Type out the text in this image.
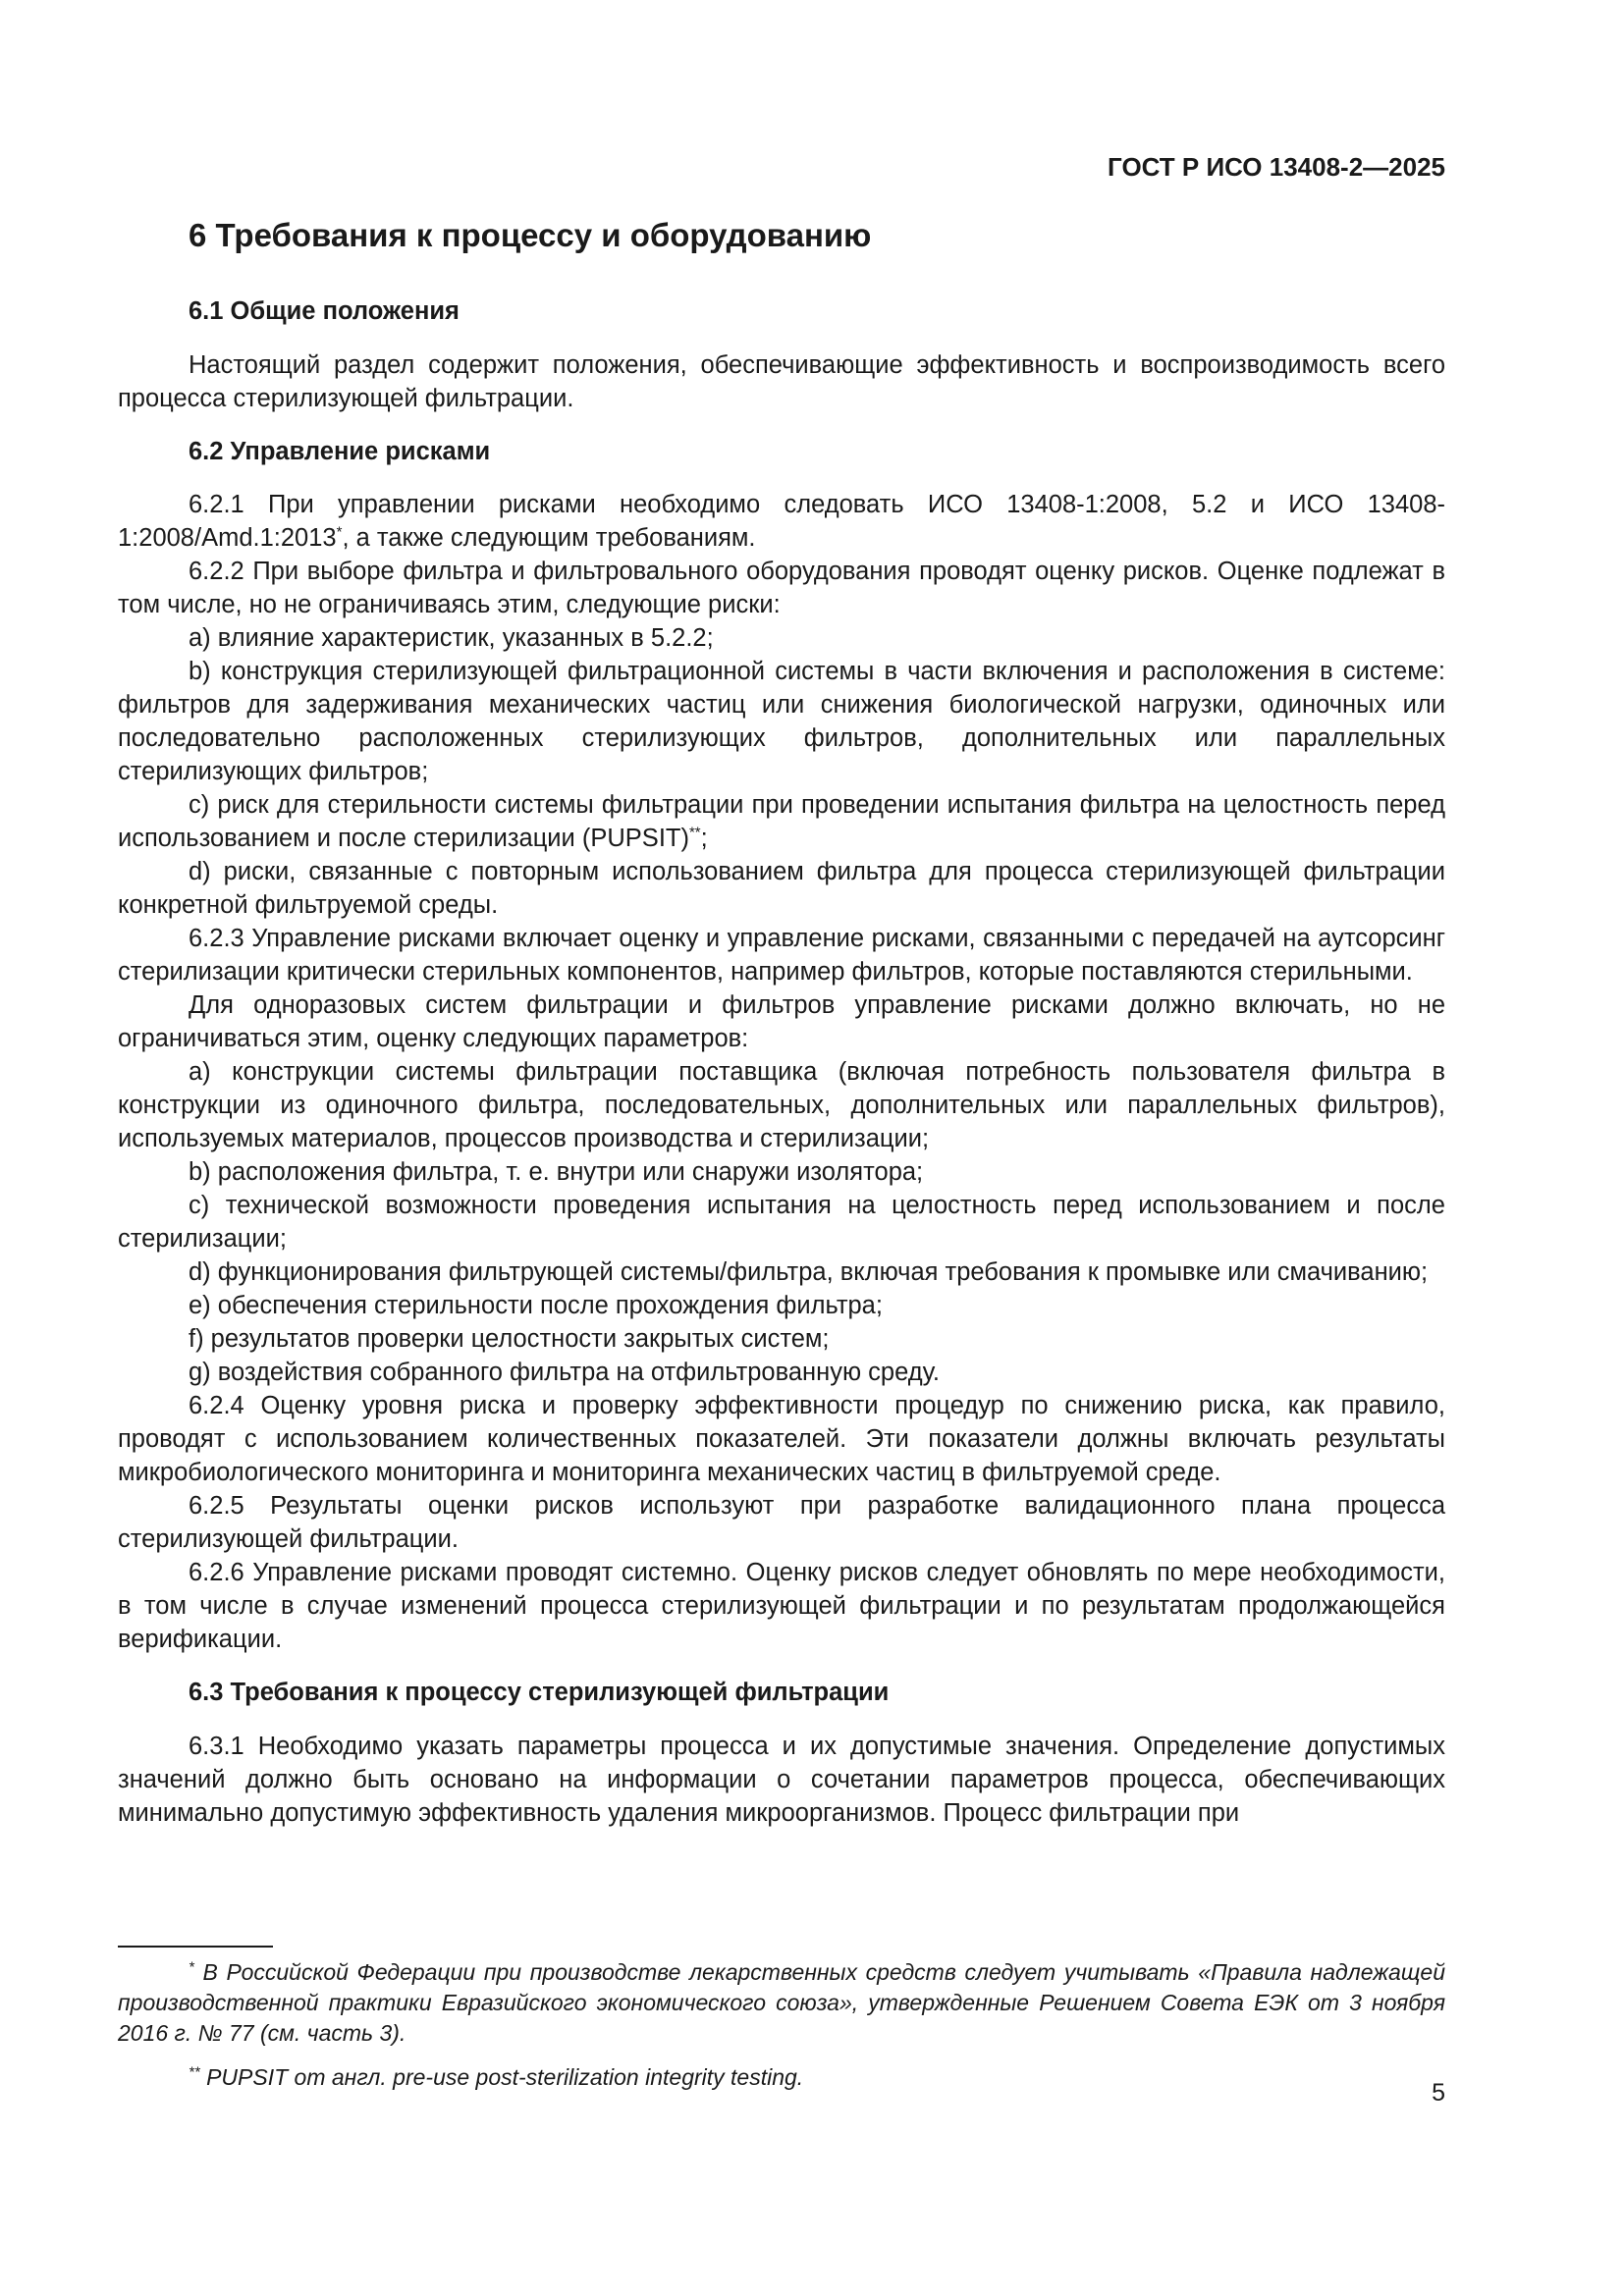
ГОСТ Р ИСО 13408-2—2025
6 Требования к процессу и оборудованию
6.1 Общие положения

Настоящий раздел содержит положения, обеспечивающие эффективность и воспроизводимость всего процесса стерилизующей фильтрации.

6.2 Управление рисками

6.2.1 При управлении рисками необходимо следовать ИСО 13408-1:2008, 5.2 и ИСО 13408-1:2008/Amd.1:2013*, а также следующим требованиям.

6.2.2 При выборе фильтра и фильтровального оборудования проводят оценку рисков. Оценке подлежат в том числе, но не ограничиваясь этим, следующие риски:

a) влияние характеристик, указанных в 5.2.2;

b) конструкция стерилизующей фильтрационной системы в части включения и расположения в системе: фильтров для задерживания механических частиц или снижения биологической нагрузки, одиночных или последовательно расположенных стерилизующих фильтров, дополнительных или параллельных стерилизующих фильтров;

c) риск для стерильности системы фильтрации при проведении испытания фильтра на целостность перед использованием и после стерилизации (PUPSIT)**;

d) риски, связанные с повторным использованием фильтра для процесса стерилизующей фильтрации конкретной фильтруемой среды.

6.2.3 Управление рисками включает оценку и управление рисками, связанными с передачей на аутсорсинг стерилизации критически стерильных компонентов, например фильтров, которые поставляются стерильными.

Для одноразовых систем фильтрации и фильтров управление рисками должно включать, но не ограничиваться этим, оценку следующих параметров:

a) конструкции системы фильтрации поставщика (включая потребность пользователя фильтра в конструкции из одиночного фильтра, последовательных, дополнительных или параллельных фильтров), используемых материалов, процессов производства и стерилизации;

b) расположения фильтра, т. е. внутри или снаружи изолятора;

c) технической возможности проведения испытания на целостность перед использованием и после стерилизации;

d) функционирования фильтрующей системы/фильтра, включая требования к промывке или смачиванию;

e) обеспечения стерильности после прохождения фильтра;

f) результатов проверки целостности закрытых систем;

g) воздействия собранного фильтра на отфильтрованную среду.

6.2.4 Оценку уровня риска и проверку эффективности процедур по снижению риска, как правило, проводят с использованием количественных показателей. Эти показатели должны включать результаты микробиологического мониторинга и мониторинга механических частиц в фильтруемой среде.

6.2.5 Результаты оценки рисков используют при разработке валидационного плана процесса стерилизующей фильтрации.

6.2.6 Управление рисками проводят системно. Оценку рисков следует обновлять по мере необходимости, в том числе в случае изменений процесса стерилизующей фильтрации и по результатам продолжающейся верификации.

6.3 Требования к процессу стерилизующей фильтрации

6.3.1 Необходимо указать параметры процесса и их допустимые значения. Определение допустимых значений должно быть основано на информации о сочетании параметров процесса, обеспечивающих минимально допустимую эффективность удаления микроорганизмов. Процесс фильтрации при

* В Российской Федерации при производстве лекарственных средств следует учитывать «Правила надлежащей производственной практики Евразийского экономического союза», утвержденные Решением Совета ЕЭК от 3 ноября 2016 г. № 77 (см. часть 3).

** PUPSIT от англ. pre-use post-sterilization integrity testing.

5
